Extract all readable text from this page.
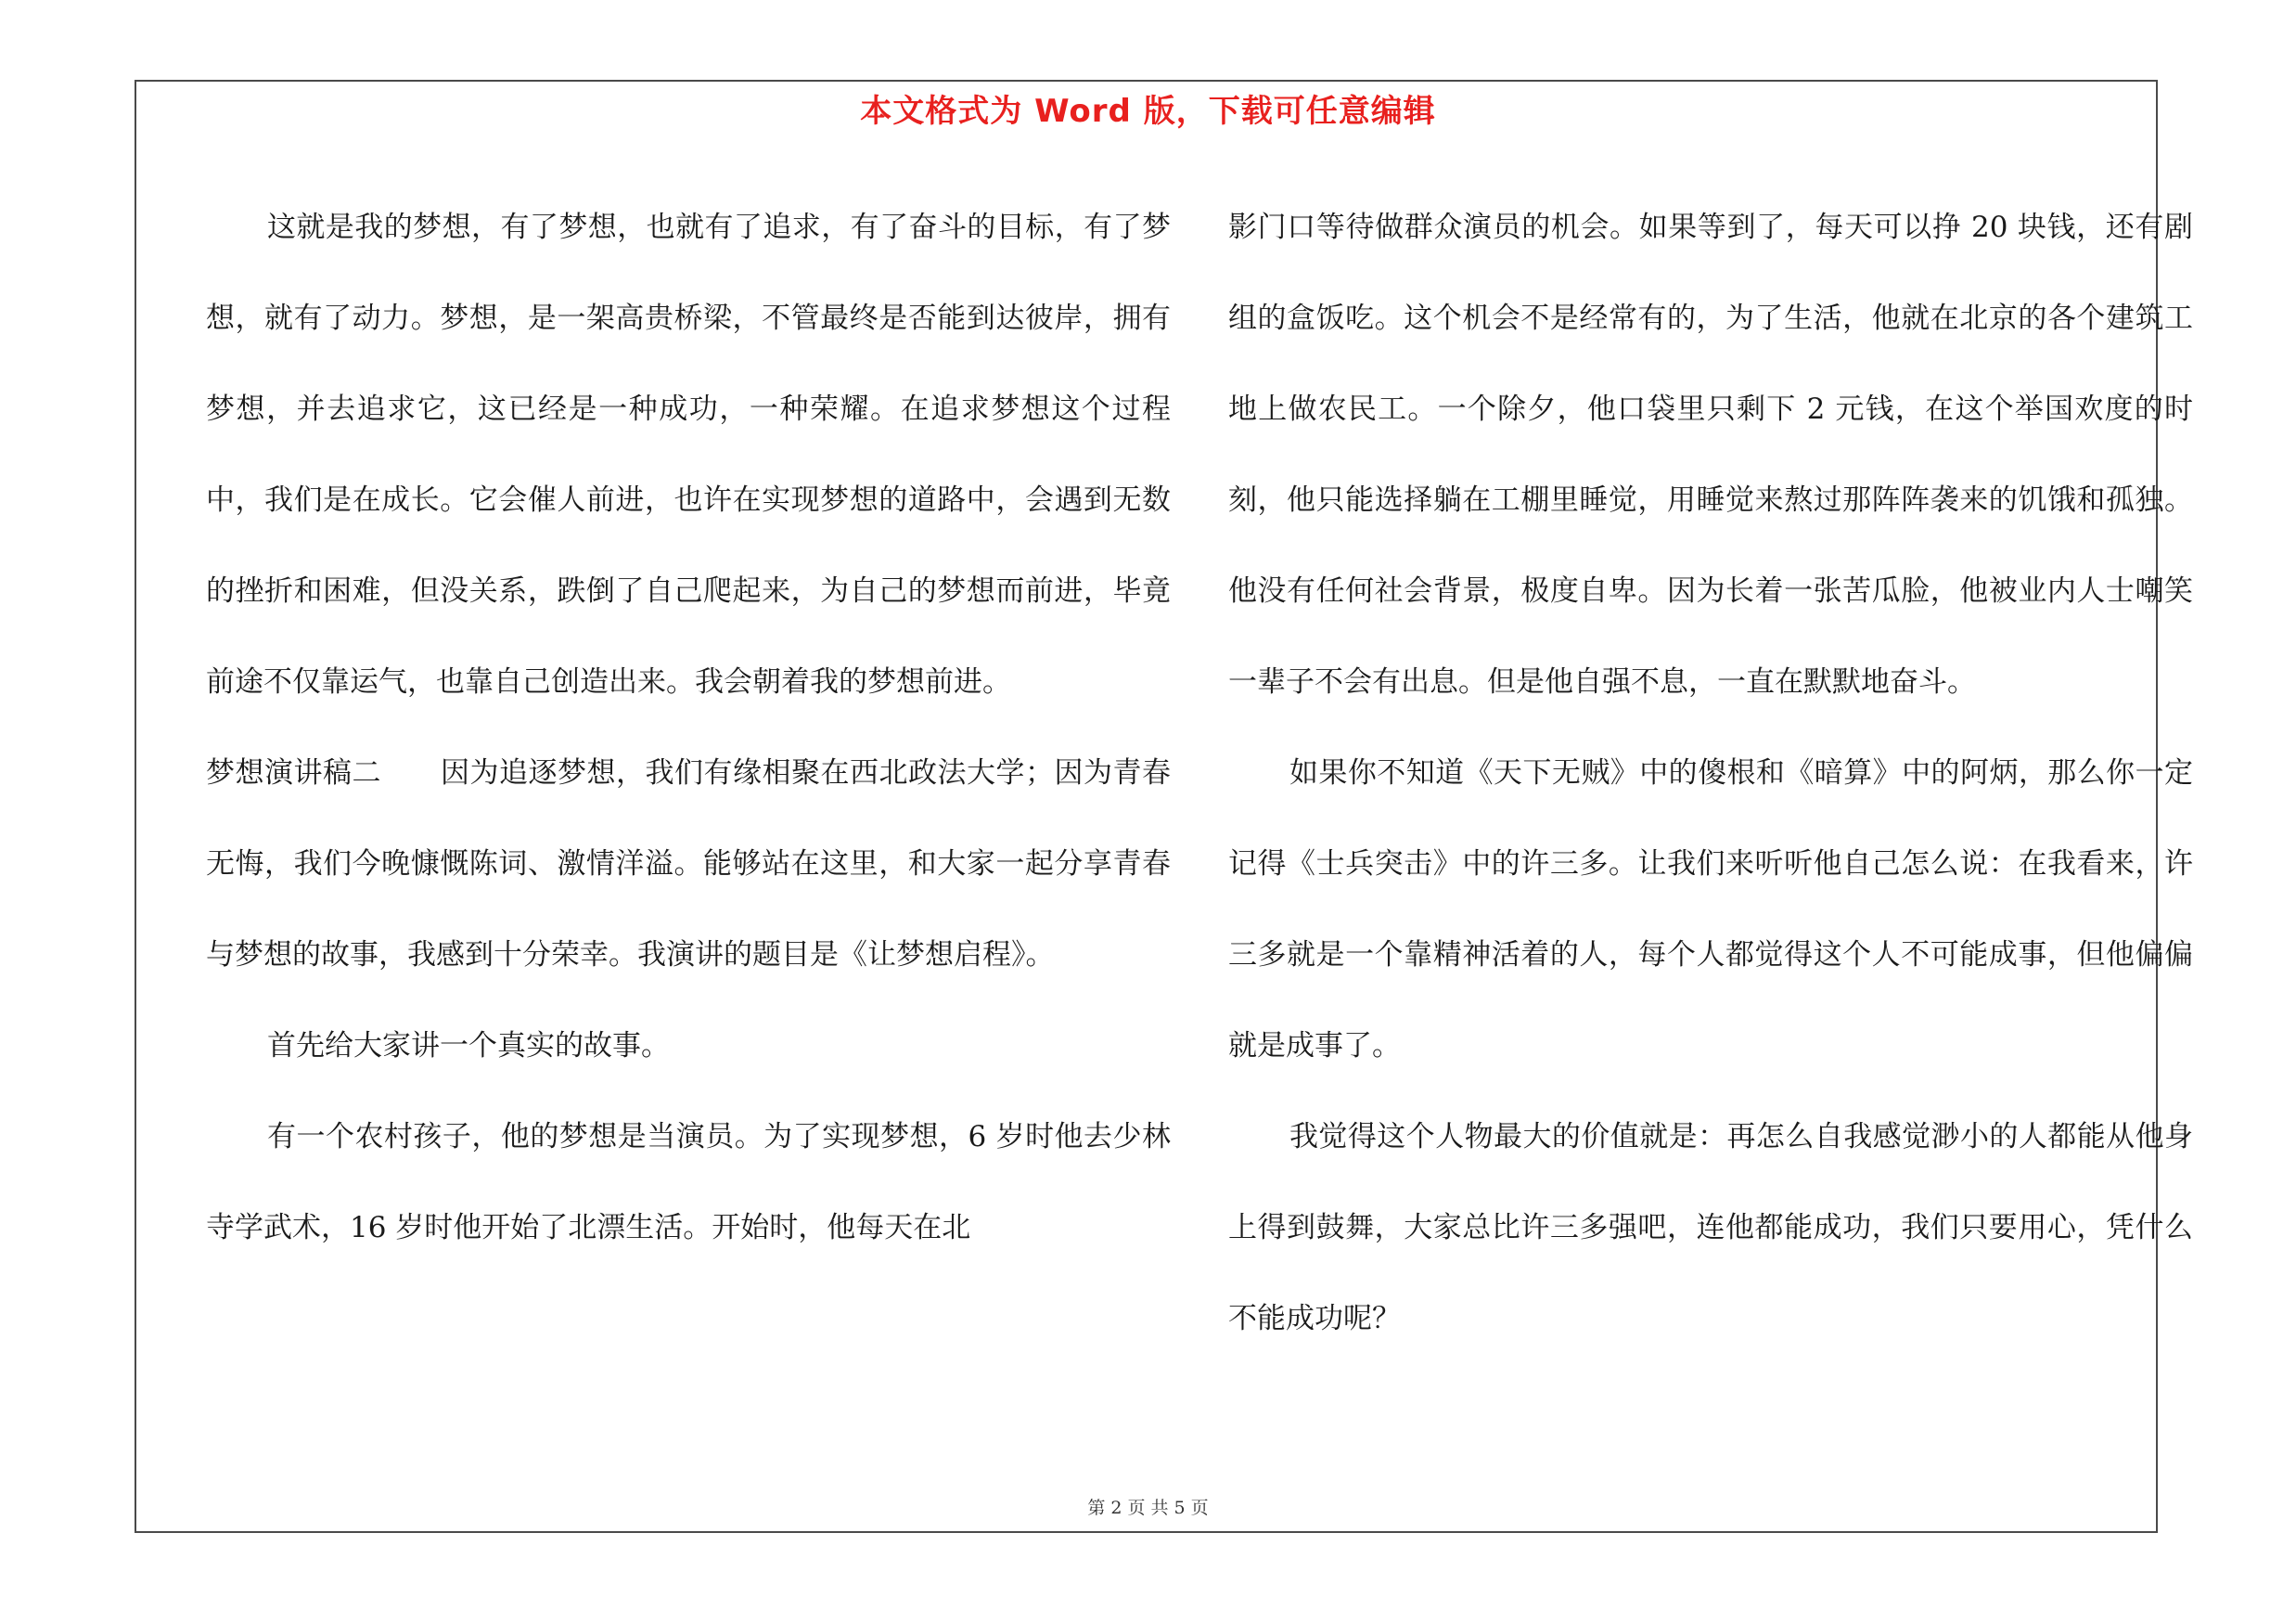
本文格式为 Word 版，下载可任意编辑

这就是我的梦想，有了梦想，也就有了追求，有了奋斗的目标，有了梦想，就有了动力。梦想，是一架高贵桥梁，不管最终是否能到达彼岸，拥有梦想，并去追求它，这已经是一种成功，一种荣耀。在追求梦想这个过程中，我们是在成长。它会催人前进，也许在实现梦想的道路中，会遇到无数的挫折和困难，但没关系，跌倒了自己爬起来，为自己的梦想而前进，毕竟前途不仅靠运气，也靠自己创造出来。我会朝着我的梦想前进。

梦想演讲稿二 因为追逐梦想，我们有缘相聚在西北政法大学；因为青春无悔，我们今晚慷慨陈词、激情洋溢。能够站在这里，和大家一起分享青春与梦想的故事，我感到十分荣幸。我演讲的题目是《让梦想启程》。

首先给大家讲一个真实的故事。

有一个农村孩子，他的梦想是当演员。为了实现梦想，6 岁时他去少林寺学武术，16 岁时他开始了北漂生活。开始时，他每天在北

影门口等待做群众演员的机会。如果等到了，每天可以挣 20 块钱，还有剧组的盒饭吃。这个机会不是经常有的，为了生活，他就在北京的各个建筑工地上做农民工。一个除夕，他口袋里只剩下 2 元钱，在这个举国欢度的时刻，他只能选择躺在工棚里睡觉，用睡觉来熬过那阵阵袭来的饥饿和孤独。他没有任何社会背景，极度自卑。因为长着一张苦瓜脸，他被业内人士嘲笑一辈子不会有出息。但是他自强不息，一直在默默地奋斗。

如果你不知道《天下无贼》中的傻根和《暗算》中的阿炳，那么你一定记得《士兵突击》中的许三多。让我们来听听他自己怎么说：在我看来，许三多就是一个靠精神活着的人，每个人都觉得这个人不可能成事，但他偏偏就是成事了。

我觉得这个人物最大的价值就是：再怎么自我感觉渺小的人都能从他身上得到鼓舞，大家总比许三多强吧，连他都能成功，我们只要用心，凭什么不能成功呢？

第 2 页 共 5 页
